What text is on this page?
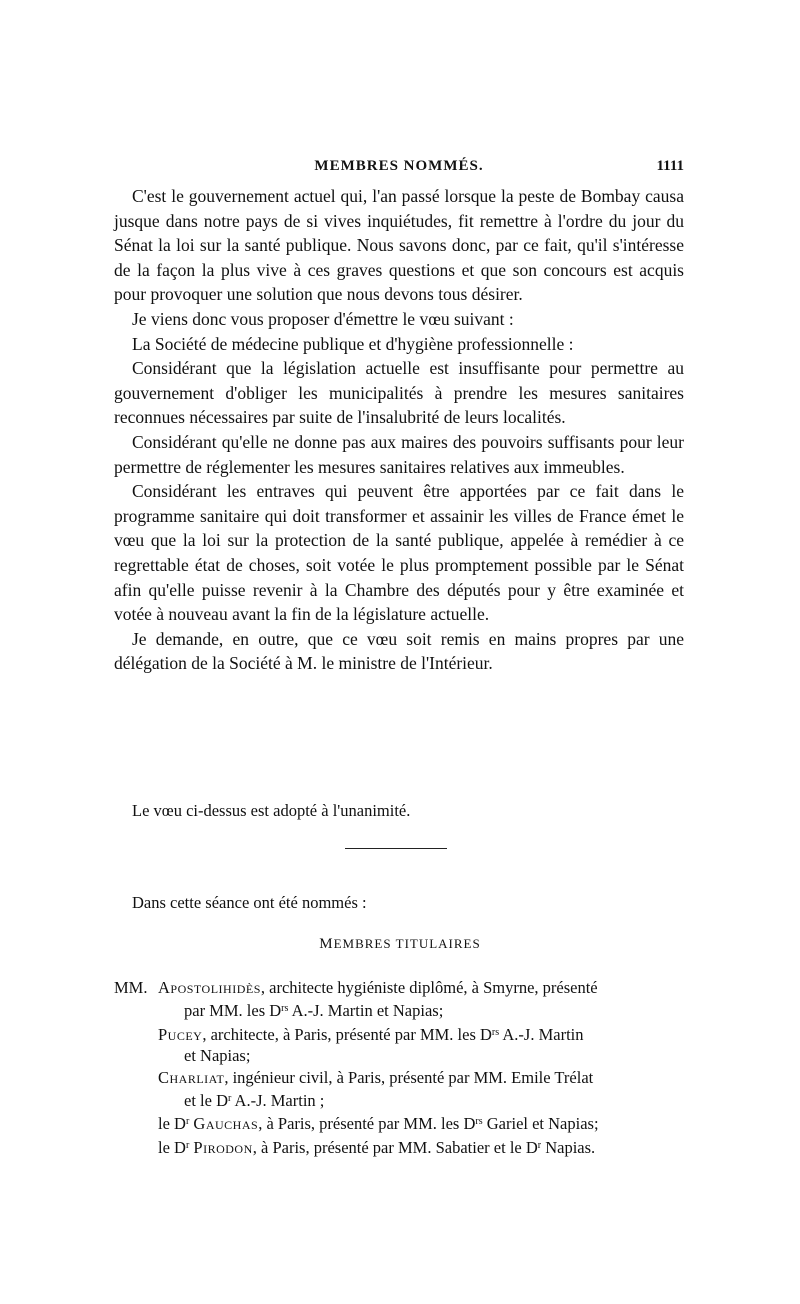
MEMBRES NOMMÉS.	1111

C'est le gouvernement actuel qui, l'an passé lorsque la peste de Bombay causa jusque dans notre pays de si vives inquiétudes, fit remettre à l'ordre du jour du Sénat la loi sur la santé publique. Nous savons donc, par ce fait, qu'il s'intéresse de la façon la plus vive à ces graves questions et que son concours est acquis pour provoquer une solution que nous devons tous désirer.

Je viens donc vous proposer d'émettre le vœu suivant :

La Société de médecine publique et d'hygiène professionnelle :

Considérant que la législation actuelle est insuffisante pour permettre au gouvernement d'obliger les municipalités à prendre les mesures sanitaires reconnues nécessaires par suite de l'insalubrité de leurs localités.

Considérant qu'elle ne donne pas aux maires des pouvoirs suffisants pour leur permettre de réglementer les mesures sanitaires relatives aux immeubles.

Considérant les entraves qui peuvent être apportées par ce fait dans le programme sanitaire qui doit transformer et assainir les villes de France émet le vœu que la loi sur la protection de la santé publique, appelée à remédier à ce regrettable état de choses, soit votée le plus promptement possible par le Sénat afin qu'elle puisse revenir à la Chambre des députés pour y être examinée et votée à nouveau avant la fin de la législature actuelle.

Je demande, en outre, que ce vœu soit remis en mains propres par une délégation de la Société à M. le ministre de l'Intérieur.

Le vœu ci-dessus est adopté à l'unanimité.
Dans cette séance ont été nommés :
MEMBRES TITULAIRES
MM. Apostolihidès, architecte hygiéniste diplômé, à Smyrne, présenté
par MM. les $D^{rs}$ A.-J. Martin et Napias;
Pucey, architecte, à Paris, présenté par MM. les $D^{rs}$ A.-J. Martin
et Napias;
Charliat, ingénieur civil, à Paris, présenté par MM. Emile Trélat
et le $D^r$ A.-J. Martin ;
le $D^r$ Gauchas, à Paris, présenté par MM. les $D^{rs}$ Gariel et Napias;
le $D^r$ Pirodon, à Paris, présenté par MM. Sabatier et le $D^r$ Napias.
